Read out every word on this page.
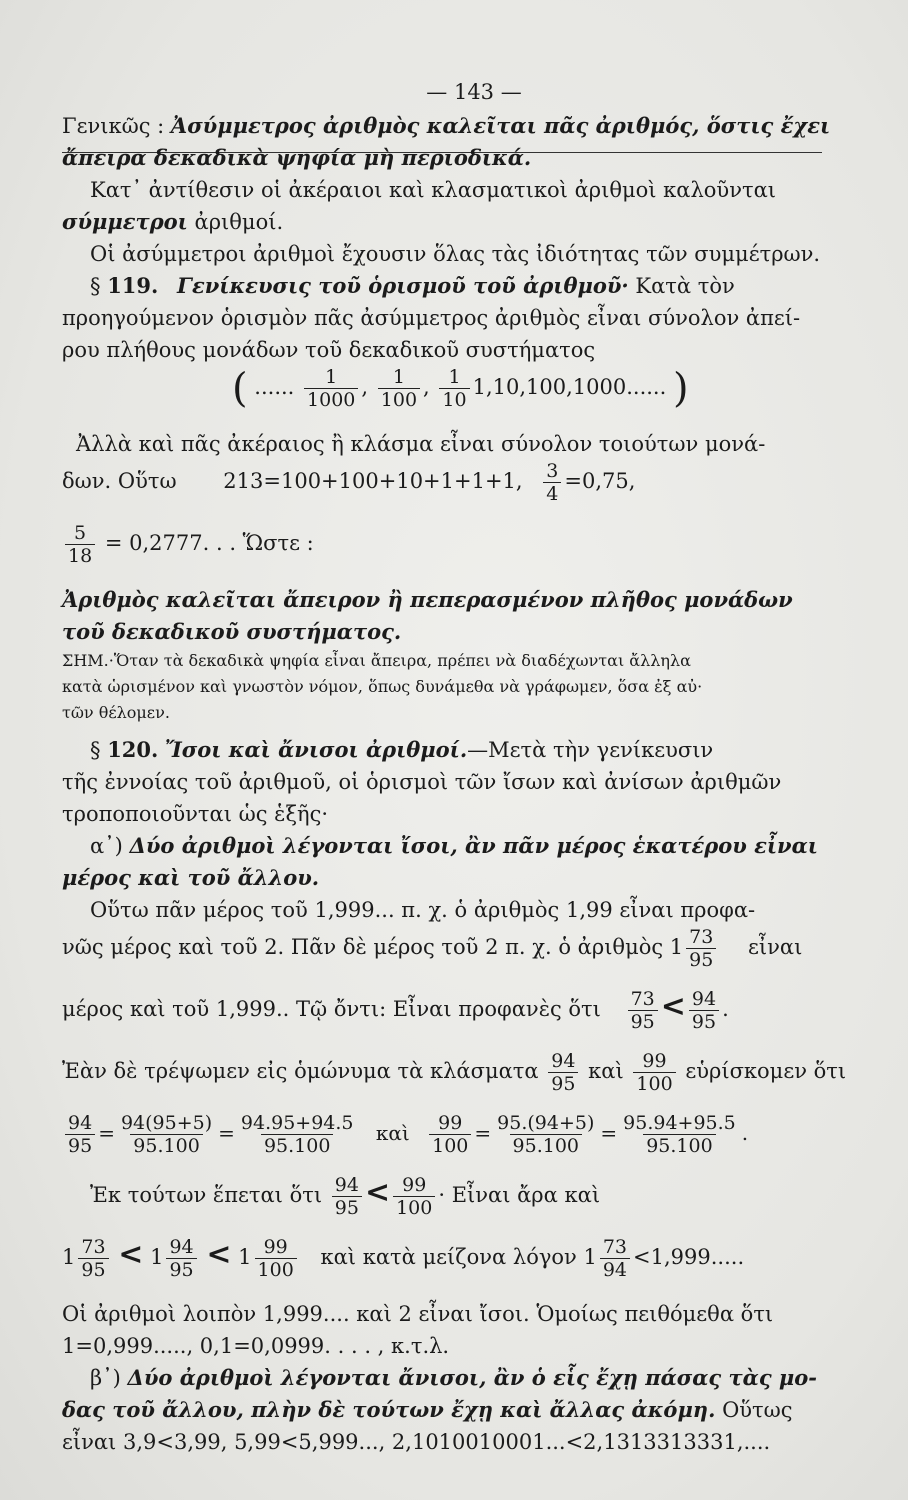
— 143 —
Γενικῶς : Ἀσύμμετρος ἀριθμὸς καλεῖται πᾶς ἀριθμός, ὅστις ἔχει
ἄπειρα δεκαδικὰ ψηφία μὴ περιοδικά.
Κατ᾽ ἀντίθεσιν οἱ ἀκέραιοι καὶ κλασματικοὶ ἀριθμοὶ καλοῦνται
σύμμετροι ἀριθμοί.
Οἱ ἀσύμμετροι ἀριθμοὶ ἔχουσιν ὅλας τὰς ἰδιότητας τῶν συμμέτρων.
§ 119. Γενίκευσις τοῦ ὁρισμοῦ τοῦ ἀριθμοῦ· Κατὰ τὸν
προηγούμενον ὁρισμὸν πᾶς ἀσύμμετρος ἀριθμὸς εἶναι σύνολον ἀπεί-
ρου πλήθους μονάδων τοῦ δεκαδικοῦ συστήματος
( ...... $\frac{1}{1000}$ , $\frac{1}{100}$ , $\frac{1}{10} 1,10,100,1000$...... )
Ἀλλὰ καὶ πᾶς ἀκέραιος ἢ κλάσμα εἶναι σύνολον τοιούτων μονά-
δων. Οὕτω 213=100+100+10+1+1+1, $\frac{3}{4} =0,75$,
$\frac{5}{18} = 0,2777$. . . Ὥστε :
Ἀριθμὸς καλεῖται ἄπειρον ἢ πεπερασμένον πλῆθος μονάδων
τοῦ δεκαδικοῦ συστήματος.
ΣΗΜ.·Ὅταν τὰ δεκαδικὰ ψηφία εἶναι ἄπειρα, πρέπει νὰ διαδέχωνται ἄλληλα
κατὰ ὡρισμένον καὶ γνωστὸν νόμον, ὅπως δυνάμεθα νὰ γράφωμεν, ὅσα ἐξ αὐ·
τῶν θέλομεν.
§ 120. Ἴσοι καὶ ἄνισοι ἀριθμοί.—Μετὰ τὴν γενίκευσιν
τῆς ἐννοίας τοῦ ἀριθμοῦ, οἱ ὁρισμοὶ τῶν ἴσων καὶ ἀνίσων ἀριθμῶν
τροποποιοῦνται ὡς ἑξῆς·
α᾽) Δύο ἀριθμοὶ λέγονται ἴσοι, ἂν πᾶν μέρος ἑκατέρου εἶναι
μέρος καὶ τοῦ ἄλλου.
Οὕτω πᾶν μέρος τοῦ 1,999... π. χ. ὁ ἀριθμὸς 1,99 εἶναι προφα-
νῶς μέρος καὶ τοῦ 2. Πᾶν δὲ μέρος τοῦ 2 π. χ. ὁ ἀριθμὸς $1 \frac{73}{95}$ εἶναι
μέρος καὶ τοῦ 1,999.. Τῷ ὄντι: Εἶναι προφανὲς ὅτι $\frac{73}{95} < \frac{94}{95}$ .
Ἐὰν δὲ τρέψωμεν εἰς ὁμώνυμα τὰ κλάσματα $\frac{94}{95}$ καὶ $\frac{99}{100}$ εὑρίσκομεν ὅτι
$\frac{94}{95} = \frac{94(95+5)}{95.100} = \frac{94.95+94.5}{95.100}$ καὶ $\frac{99}{100} = \frac{95.(94+5)}{95.100} = \frac{95.94+95.5}{95.100}$ .
Ἐκ τούτων ἕπεται ὅτι $\frac{94}{95} < \frac{99}{100}$ · Εἶναι ἄρα καὶ
$1 \frac{73}{95} < 1 \frac{94}{95} < 1 \frac{99}{100}$ καὶ κατὰ μείζονα λόγον $1 \frac{73}{94} <1,999$.....
Οἱ ἀριθμοὶ λοιπὸν 1,999.... καὶ 2 εἶναι ἴσοι. Ὁμοίως πειθόμεθα ὅτι
1=0,999....., 0,1=0,0999. . . . , κ.τ.λ.
β᾽) Δύο ἀριθμοὶ λέγονται ἄνισοι, ἂν ὁ εἷς ἔχῃ πάσας τὰς μο-
δας τοῦ ἄλλου, πλὴν δὲ τούτων ἔχῃ καὶ ἄλλας ἀκόμη. Οὕτως
εἶναι 3,9<3,99, 5,99<5,999..., 2,1010010001...<2,1313313331,....
